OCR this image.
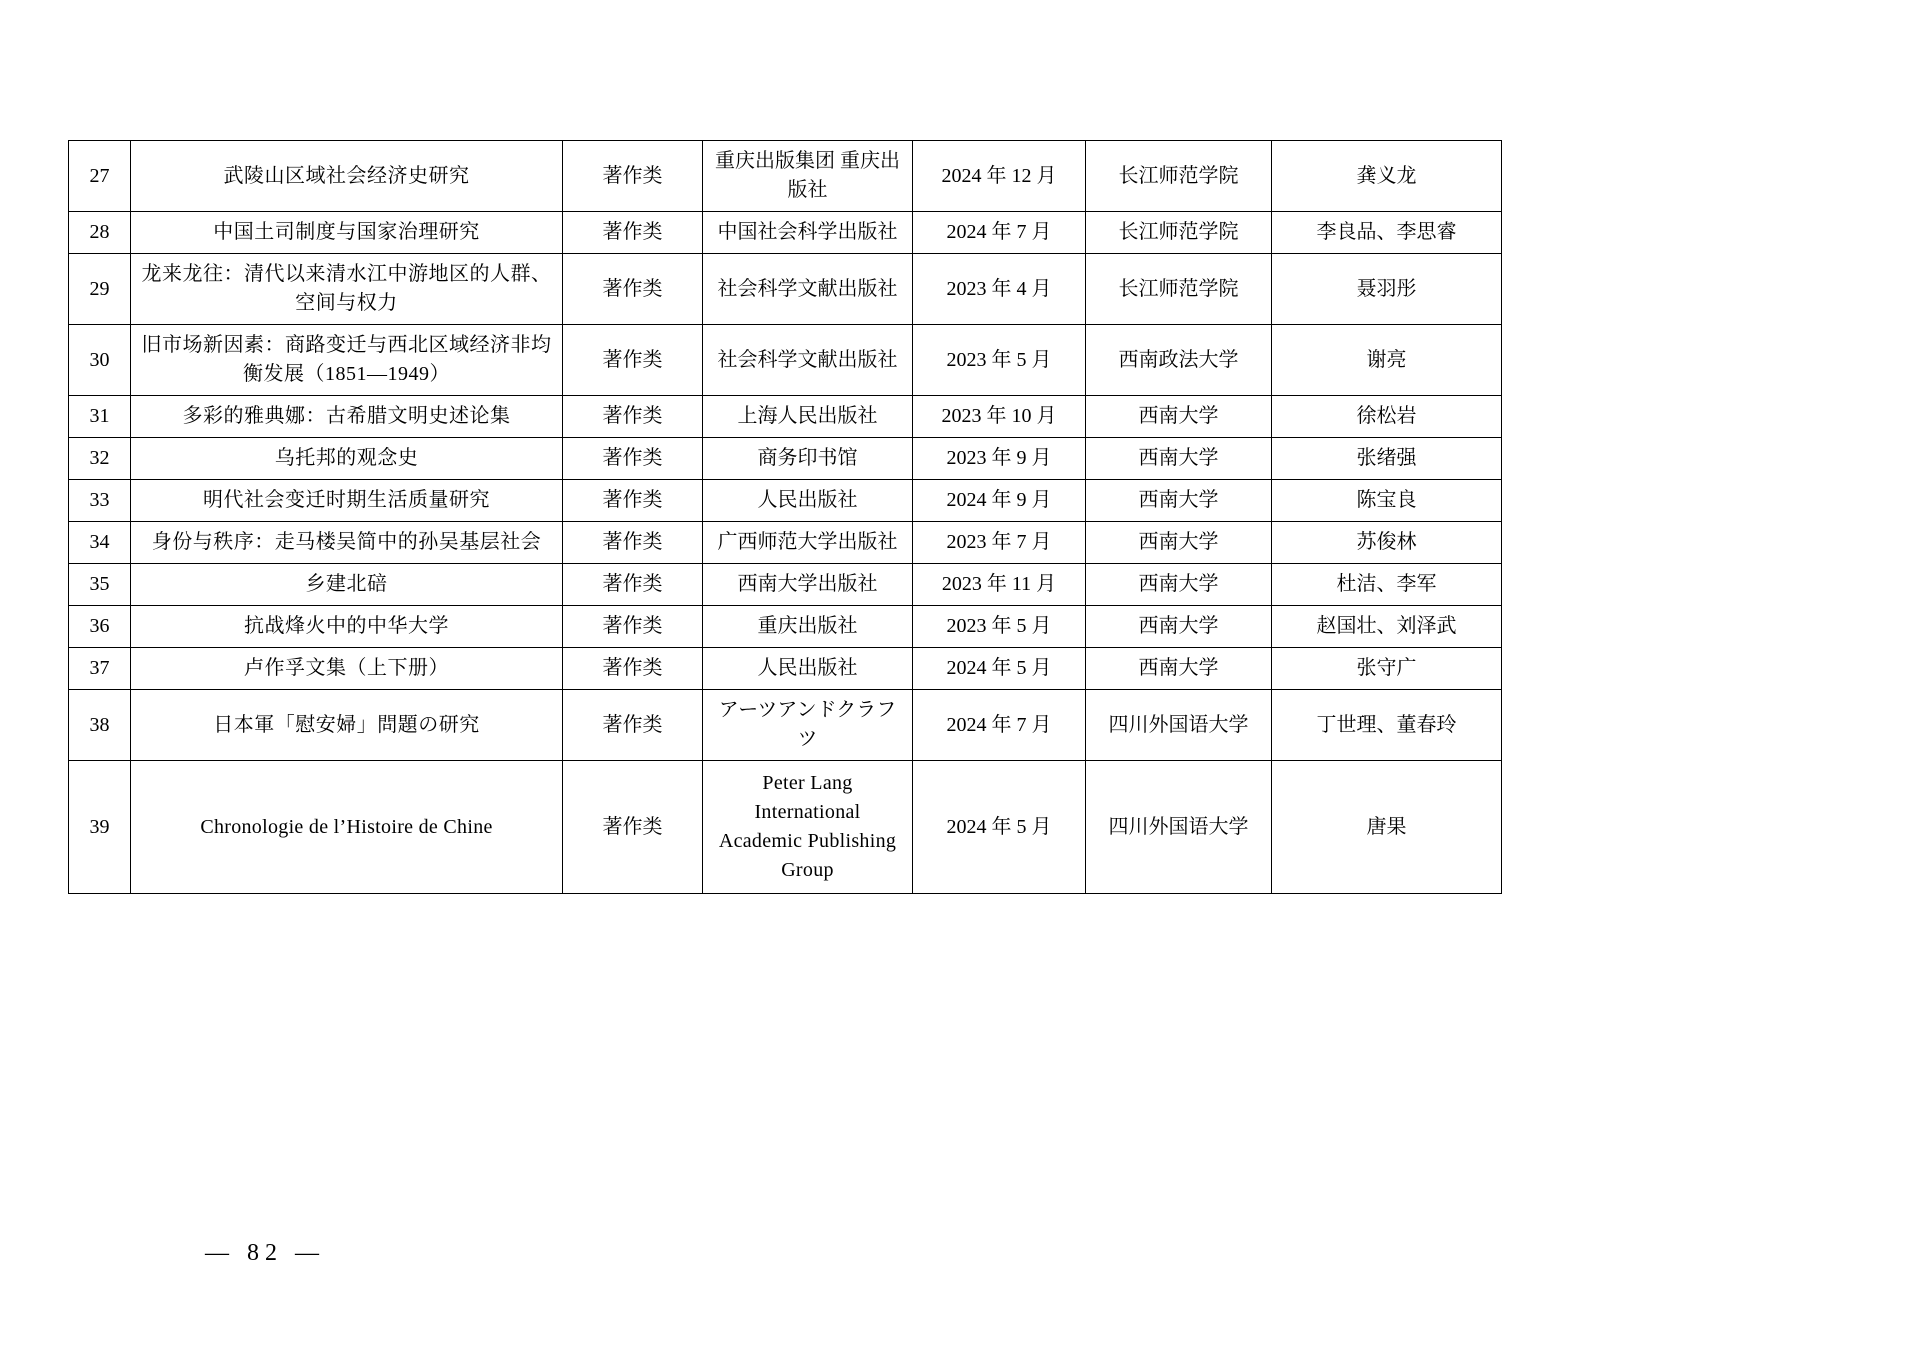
27	武陵山区域社会经济史研究	著作类	重庆出版集团 重庆出版社	2024 年 12 月	长江师范学院	龚义龙
28	中国土司制度与国家治理研究	著作类	中国社会科学出版社	2024 年 7 月	长江师范学院	李良品、李思睿
29	龙来龙往：清代以来清水江中游地区的人群、空间与权力	著作类	社会科学文献出版社	2023 年 4 月	长江师范学院	聂羽彤
30	旧市场新因素：商路变迁与西北区域经济非均衡发展（1851—1949）	著作类	社会科学文献出版社	2023 年 5 月	西南政法大学	谢亮
31	多彩的雅典娜：古希腊文明史述论集	著作类	上海人民出版社	2023 年 10 月	西南大学	徐松岩
32	乌托邦的观念史	著作类	商务印书馆	2023 年 9 月	西南大学	张绪强
33	明代社会变迁时期生活质量研究	著作类	人民出版社	2024 年 9 月	西南大学	陈宝良
34	身份与秩序：走马楼吴简中的孙吴基层社会	著作类	广西师范大学出版社	2023 年 7 月	西南大学	苏俊林
35	乡建北碚	著作类	西南大学出版社	2023 年 11 月	西南大学	杜洁、李军
36	抗战烽火中的中华大学	著作类	重庆出版社	2023 年 5 月	西南大学	赵国壮、刘泽武
37	卢作孚文集（上下册）	著作类	人民出版社	2024 年 5 月	西南大学	张守广
38	日本軍「慰安婦」問題の研究	著作类	アーツアンドクラフツ	2024 年 7 月	四川外国语大学	丁世理、董春玲
39	Chronologie de l’Histoire de Chine	著作类	Peter Lang International Academic Publishing Group	2024 年 5 月	四川外国语大学	唐果
— 82 —
